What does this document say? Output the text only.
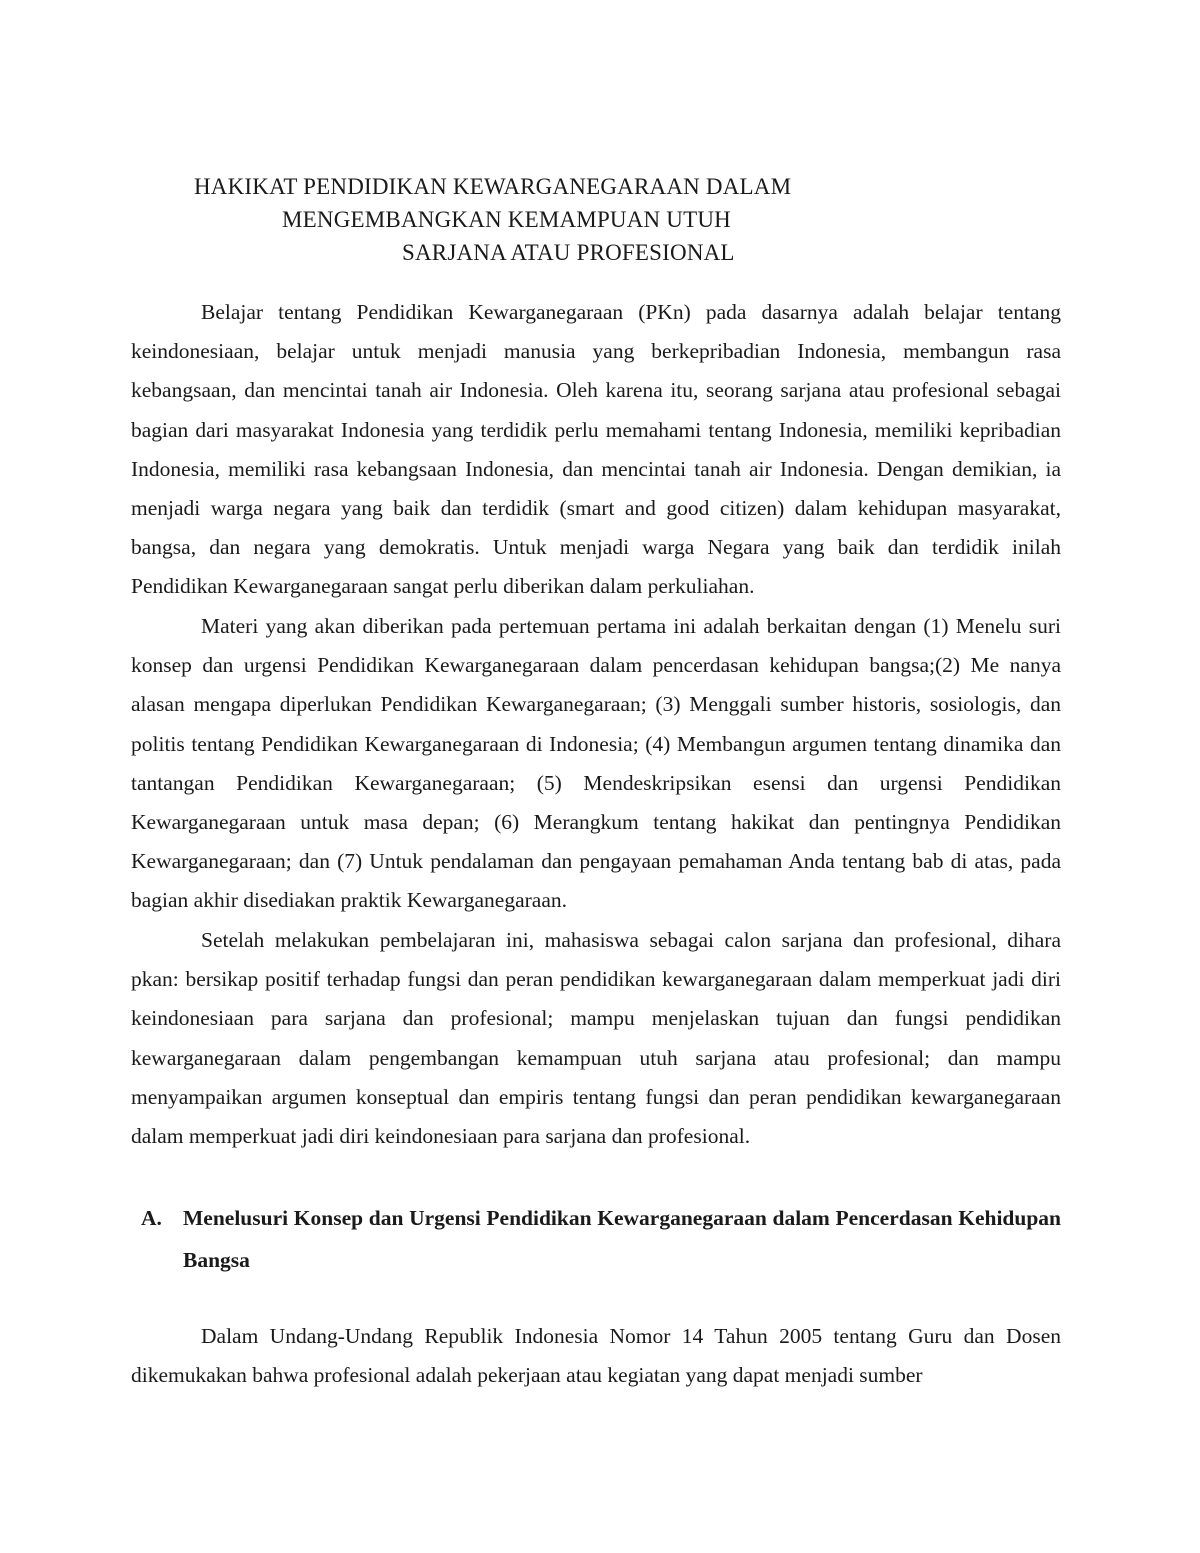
HAKIKAT PENDIDIKAN KEWARGANEGARAAN DALAM
MENGEMBANGKAN KEMAMPUAN UTUH
SARJANA ATAU PROFESIONAL

Belajar tentang Pendidikan Kewarganegaraan (PKn) pada dasarnya adalah belajar tentang keindonesiaan, belajar untuk menjadi manusia yang berkepribadian Indonesia, membangun rasa kebangsaan, dan mencintai tanah air Indonesia. Oleh karena itu, seorang sarjana atau profesional sebagai bagian dari masyarakat Indonesia yang terdidik perlu memahami tentang Indonesia, memiliki kepribadian Indonesia, memiliki rasa kebangsaan Indonesia, dan mencintai tanah air Indonesia. Dengan demikian, ia menjadi warga negara yang baik dan terdidik (smart and good citizen) dalam kehidupan masyarakat, bangsa, dan negara yang demokratis. Untuk menjadi warga Negara yang baik dan terdidik inilah Pendidikan Kewarganegaraan sangat perlu diberikan dalam perkuliahan.

Materi yang akan diberikan pada pertemuan pertama ini adalah berkaitan dengan (1) Menelu suri konsep dan urgensi Pendidikan Kewarganegaraan dalam pencerdasan kehidupan bangsa;(2) Me nanya alasan mengapa diperlukan Pendidikan Kewarganegaraan; (3) Menggali sumber historis, sosiologis, dan politis tentang Pendidikan Kewarganegaraan di Indonesia; (4) Membangun argumen tentang dinamika dan tantangan Pendidikan Kewarganegaraan; (5) Mendeskripsikan esensi dan urgensi Pendidikan Kewarganegaraan untuk masa depan; (6) Merangkum tentang hakikat dan pentingnya Pendidikan Kewarganegaraan; dan (7) Untuk pendalaman dan pengayaan pemahaman Anda tentang bab di atas, pada bagian akhir disediakan praktik Kewarganegaraan.

Setelah melakukan pembelajaran ini, mahasiswa sebagai calon sarjana dan profesional, dihara pkan: bersikap positif terhadap fungsi dan peran pendidikan kewarganegaraan dalam memperkuat jadi diri keindonesiaan para sarjana dan profesional; mampu menjelaskan tujuan dan fungsi pendidikan kewarganegaraan dalam pengembangan kemampuan utuh sarjana atau profesional; dan mampu menyampaikan argumen konseptual dan empiris tentang fungsi dan peran pendidikan kewarganegaraan dalam memperkuat jadi diri keindonesiaan para sarjana dan profesional.

A. Menelusuri Konsep dan Urgensi Pendidikan Kewarganegaraan dalam Pencerdasan Kehidupan Bangsa

Dalam Undang-Undang Republik Indonesia Nomor 14 Tahun 2005 tentang Guru dan Dosen dikemukakan bahwa profesional adalah pekerjaan atau kegiatan yang dapat menjadi sumber
